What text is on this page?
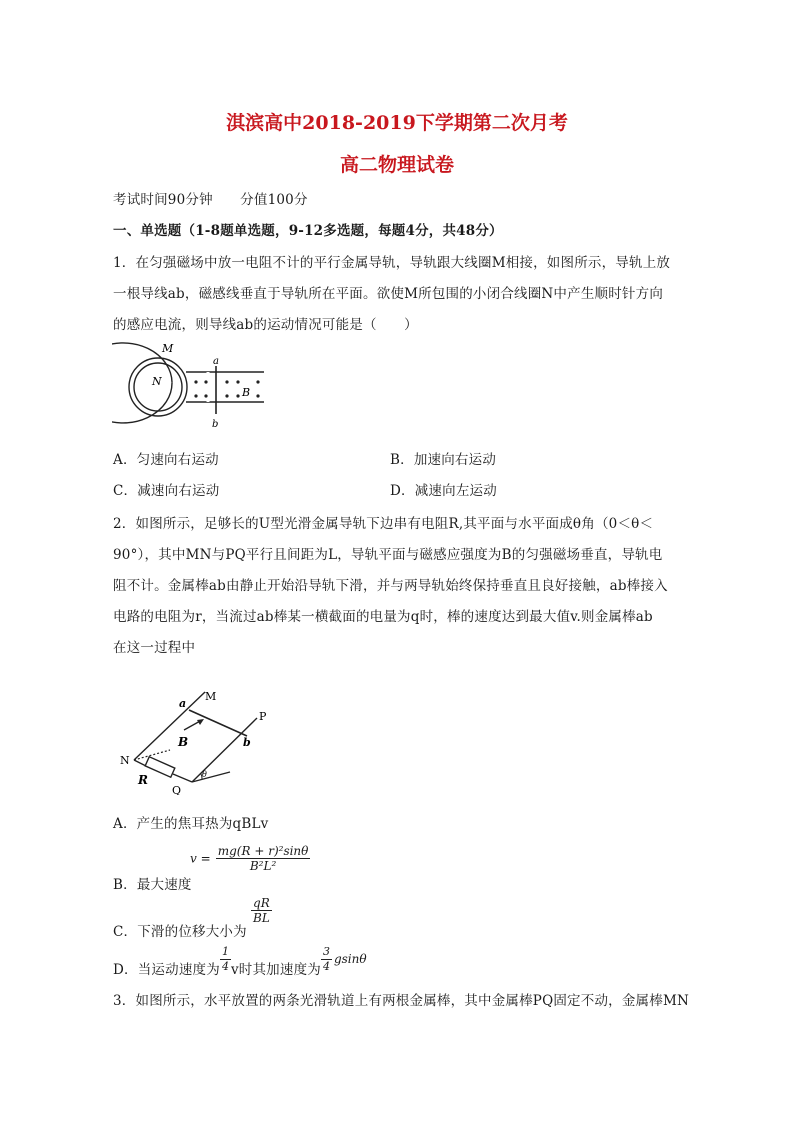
淇滨高中2018-2019下学期第二次月考
高二物理试卷
考试时间90分钟　　分值100分
一、单选题（1-8题单选题，9-12多选题，每题4分，共48分）
1．在匀强磁场中放一电阻不计的平行金属导轨，导轨跟大线圈M相接，如图所示，导轨上放
一根导线ab，磁感线垂直于导轨所在平面。欲使M所包围的小闭合线圈N中产生顺时针方向
的感应电流，则导线ab的运动情况可能是（　　）
M
N
a
b
B
A．匀速向右运动	B．加速向右运动
C．减速向右运动	D．减速向左运动
2．如图所示，足够长的U型光滑金属导轨下边串有电阻R,其平面与水平面成θ角（0＜θ＜
90°），其中MN与PQ平行且间距为L，导轨平面与磁感应强度为B的匀强磁场垂直，导轨电
阻不计。金属棒ab由静止开始沿导轨下滑，并与两导轨始终保持垂直且良好接触，ab棒接入
电路的电阻为r，当流过ab棒某一横截面的电量为q时，棒的速度达到最大值v.则金属棒ab
在这一过程中
M
P
a
b
B
N
R
Q
θ
A．产生的焦耳热为qBLv
$v = \frac{\text{mg(R + r)²sinθ}}{\text{B²L²}}$
B．最大速度
$\frac{qR}{BL}$
C．下滑的位移大小为
D．当运动速度为 $\frac{1}{4}$ v时其加速度为 $\frac{3}{4}$ gsinθ
3．如图所示，水平放置的两条光滑轨道上有两根金属棒，其中金属棒PQ固定不动，金属棒MN
